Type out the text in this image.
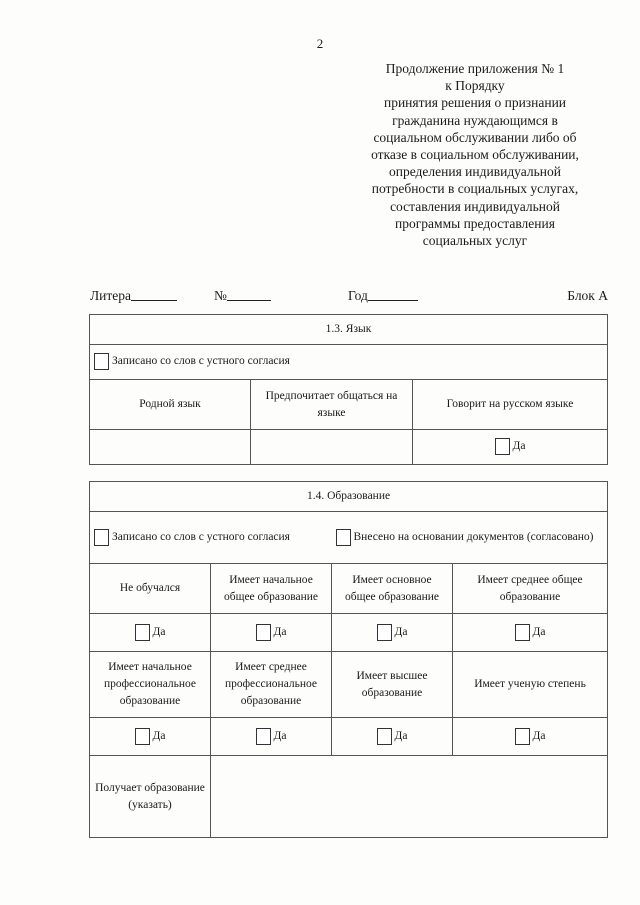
2
Продолжение приложения № 1
к Порядку
принятия решения о признании
гражданина нуждающимся в
социальном обслуживании либо об
отказе в социальном обслуживании,
определения индивидуальной
потребности в социальных услугах,
составления индивидуальной
программы предоставления
социальных услуг
Литера	№	Год	Блок А
1.3. Язык		
Записано со слов с устного согласия		
Родной язык	Предпочитает общаться на языке	Говорит на русском языке
		Да
1.4. Образование			
Записано со слов с устного согласия		Внесено на основании документов (согласовано)	
Не обучался	Имеет начальное общее образование	Имеет основное общее образование	Имеет среднее общее образование
Да	Да	Да	Да
Имеет начальное профессиональное образование	Имеет среднее профессиональное образование	Имеет высшее образование	Имеет ученую степень
Да	Да	Да	Да
Получает образование (указать)			
